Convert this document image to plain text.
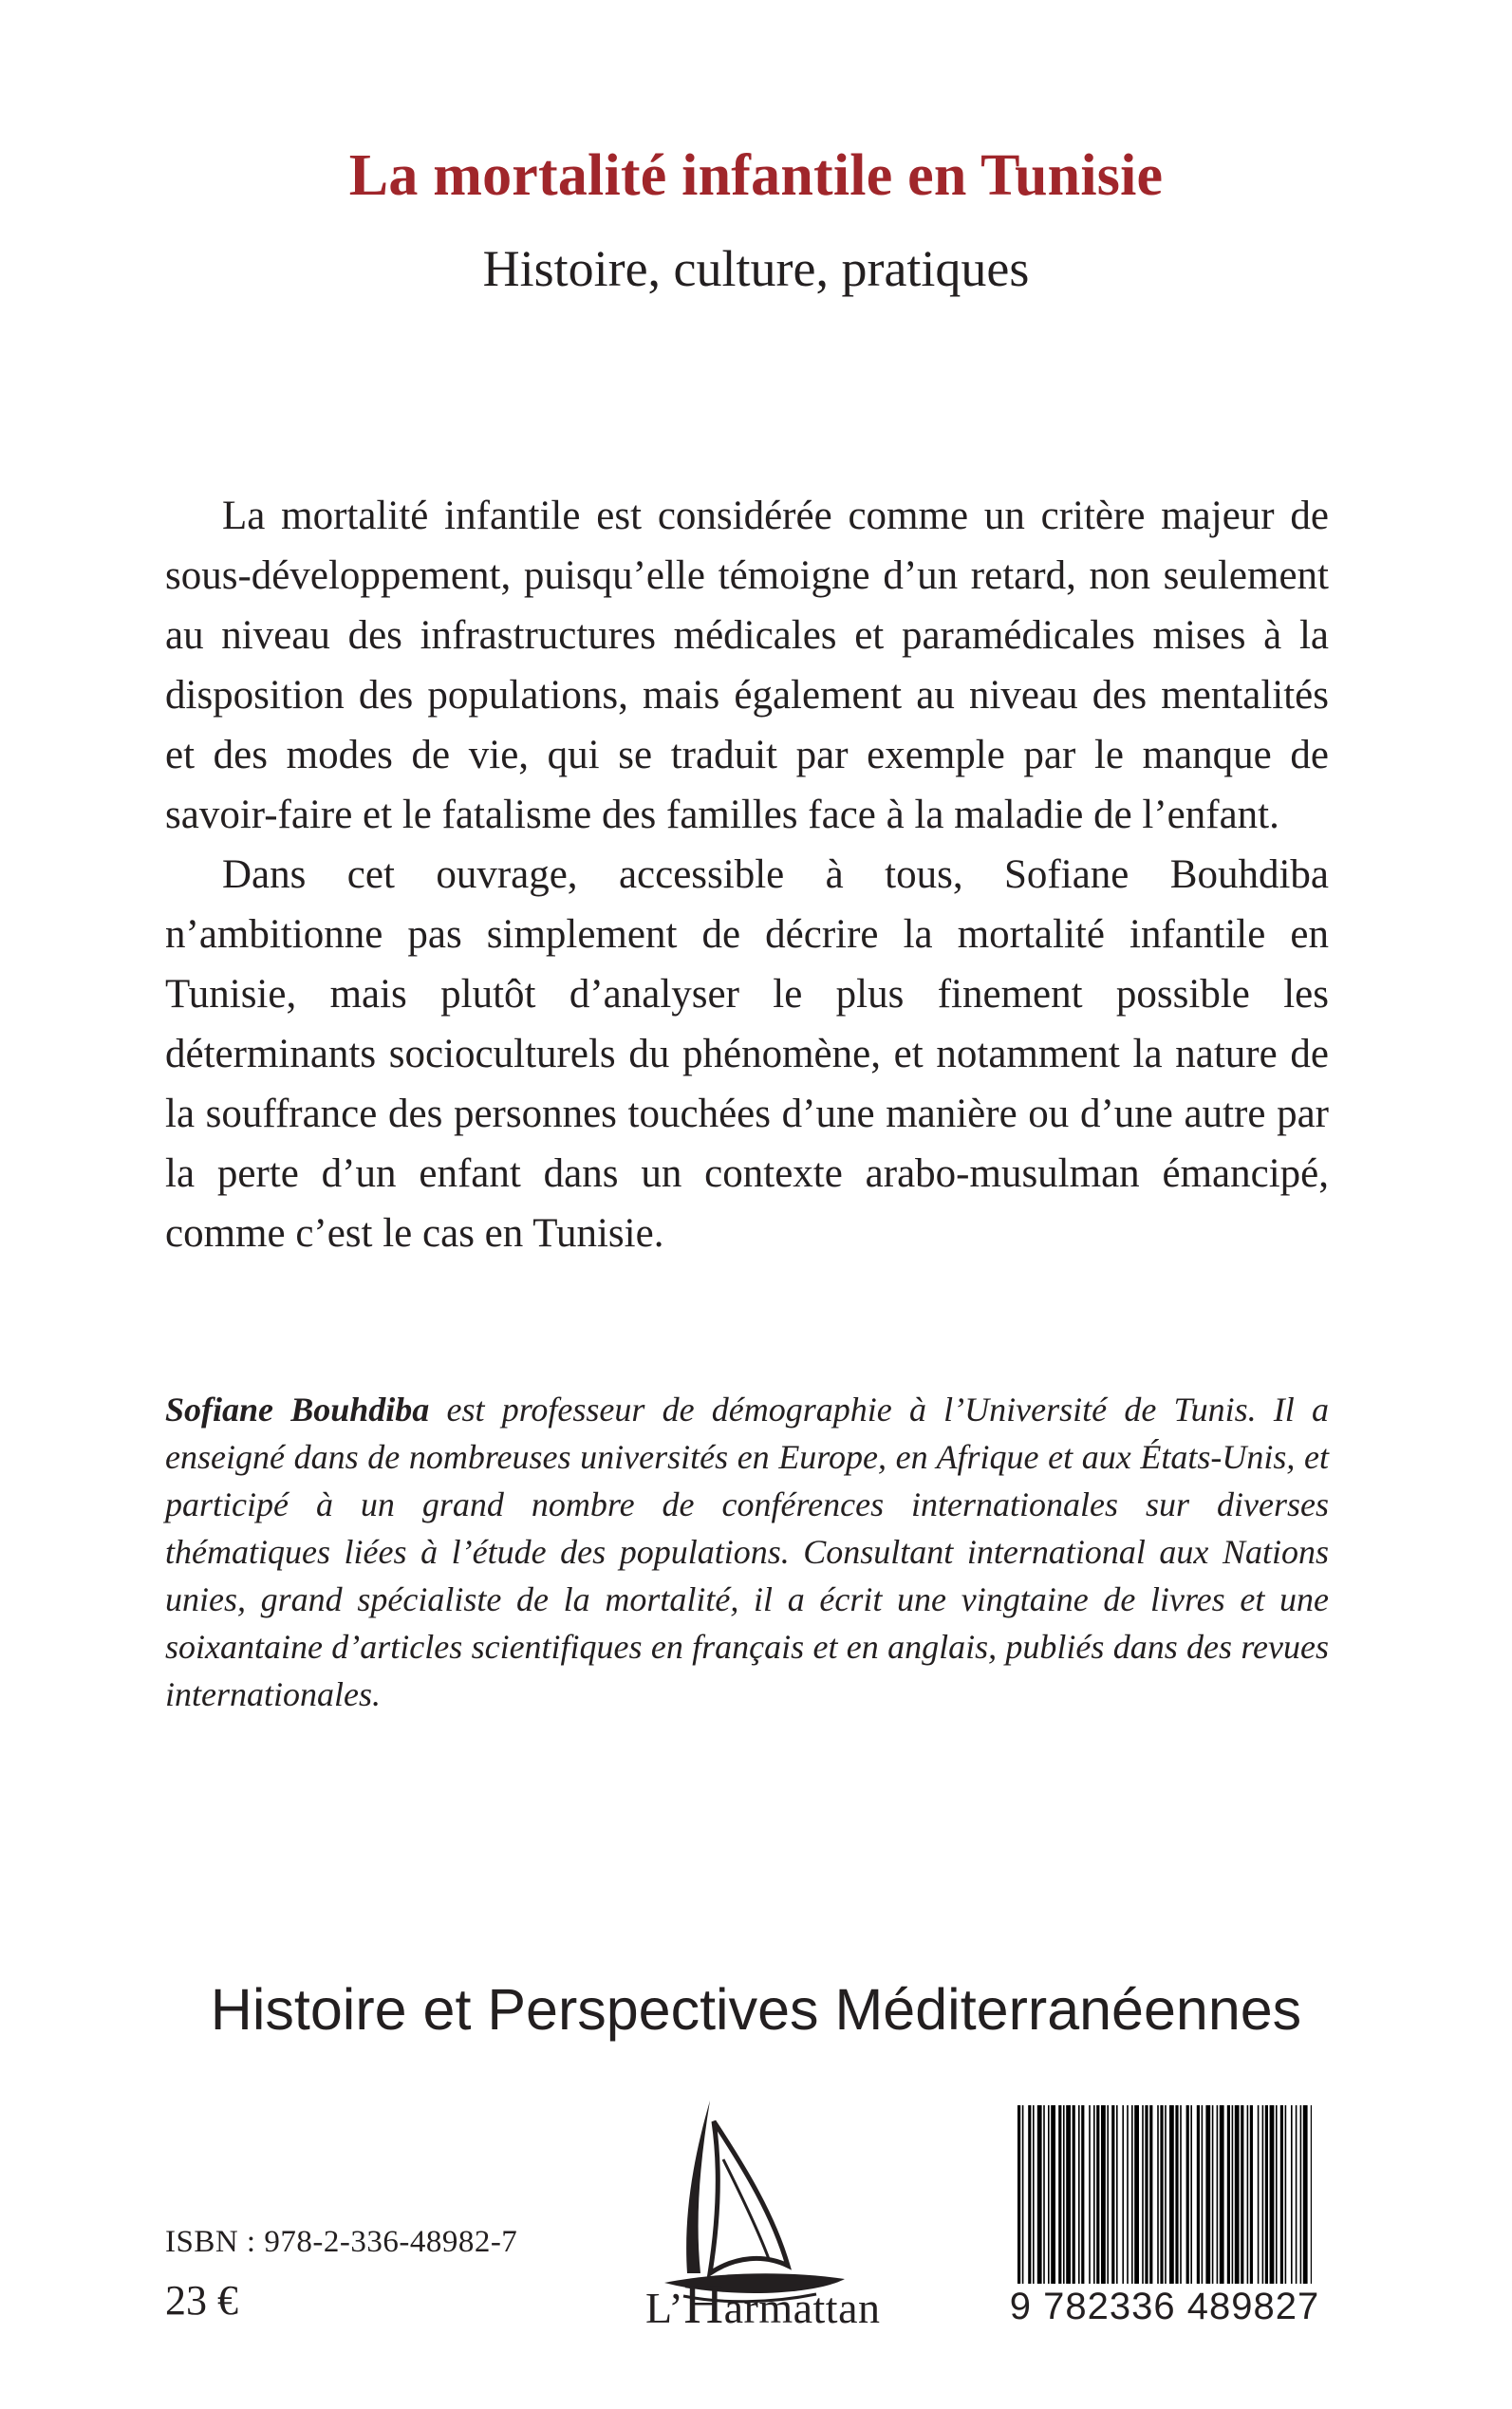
La mortalité infantile en Tunisie
Histoire, culture, pratiques

La mortalité infantile est considérée comme un critère majeur de sous-développement, puisqu’elle témoigne d’un retard, non seulement au niveau des infrastructures médicales et paramédicales mises à la disposition des populations, mais également au niveau des mentalités et des modes de vie, qui se traduit par exemple par le manque de savoir-faire et le fatalisme des familles face à la maladie de l’enfant.

Dans cet ouvrage, accessible à tous, Sofiane Bouhdiba n’ambitionne pas simplement de décrire la mortalité infantile en Tunisie, mais plutôt d’analyser le plus finement possible les déterminants socioculturels du phénomène, et notamment la nature de la souffrance des personnes touchées d’une manière ou d’une autre par la perte d’un enfant dans un contexte arabo-musulman émancipé, comme c’est le cas en Tunisie.

Sofiane Bouhdiba est professeur de démographie à l’Université de Tunis. Il a enseigné dans de nombreuses universités en Europe, en Afrique et aux États-Unis, et participé à un grand nombre de conférences internationales sur diverses thématiques liées à l’étude des populations. Consultant international aux Nations unies, grand spécialiste de la mortalité, il a écrit une vingtaine de livres et une soixantaine d’articles scientifiques en français et en anglais, publiés dans des revues internationales.

Histoire et Perspectives Méditerranéennes
ISBN : 978-2-336-48982-7
23 €	L’Harmattan	9 782336 489827
